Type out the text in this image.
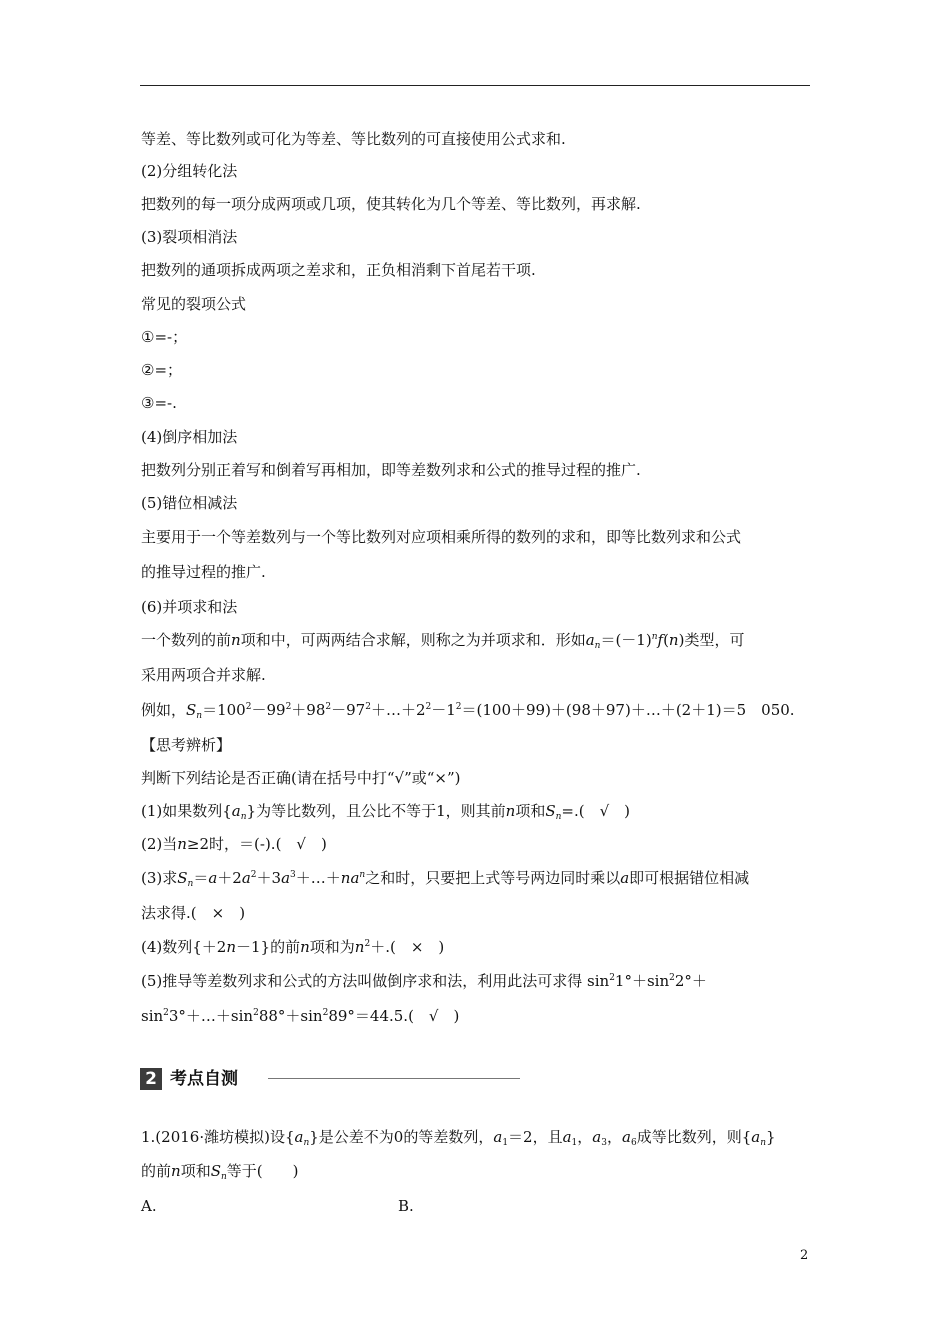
等差、等比数列或可化为等差、等比数列的可直接使用公式求和.
(2)分组转化法
把数列的每一项分成两项或几项，使其转化为几个等差、等比数列，再求解.
(3)裂项相消法
把数列的通项拆成两项之差求和，正负相消剩下首尾若干项.
常见的裂项公式
①=-；
②=；
③=-.
(4)倒序相加法
把数列分别正着写和倒着写再相加，即等差数列求和公式的推导过程的推广.
(5)错位相减法
主要用于一个等差数列与一个等比数列对应项相乘所得的数列的求和，即等比数列求和公式
的推导过程的推广.
(6)并项求和法
一个数列的前n项和中，可两两结合求解，则称之为并项求和．形如$a_n=(-1)^nf(n)$类型，可
采用两项合并求解.
例如，$S_n=100^2-99^2+98^2-97^2+\dots+2^2-1^2=(100+99)+(98+97)+\dots+(2+1)=5$　050.
【思考辨析】
判断下列结论是否正确(请在括号中打“√”或“×”)
(1)如果数列$\{a_n\}$为等比数列，且公比不等于1，则其前n项和$S_n=$.(　√　)
(2)当n≥2时，＝(-).(　√　)
(3)求$S_n=a+2a^2+3a^3+\dots+na^n$之和时，只要把上式等号两边同时乘以a即可根据错位相减
法求得.(　×　)
(4)数列{＋2n－1}的前n项和为$n^2+$.(　×　)
(5)推导等差数列求和公式的方法叫做倒序求和法，利用此法可求得 $\sin^21^\circ+\sin^22^\circ+$
$\sin^23^\circ+\dots+\sin^288^\circ+\sin^289^\circ=44.5$.(　√　)
2 考点自测
1.(2016·潍坊模拟)设$\{a_n\}$是公差不为0的等差数列，$a_1=2$，且$a_1$，$a_3$，$a_6$成等比数列，则$\{a_n\}$
的前n项和$S_n$等于(　　)
A.	B.
2
